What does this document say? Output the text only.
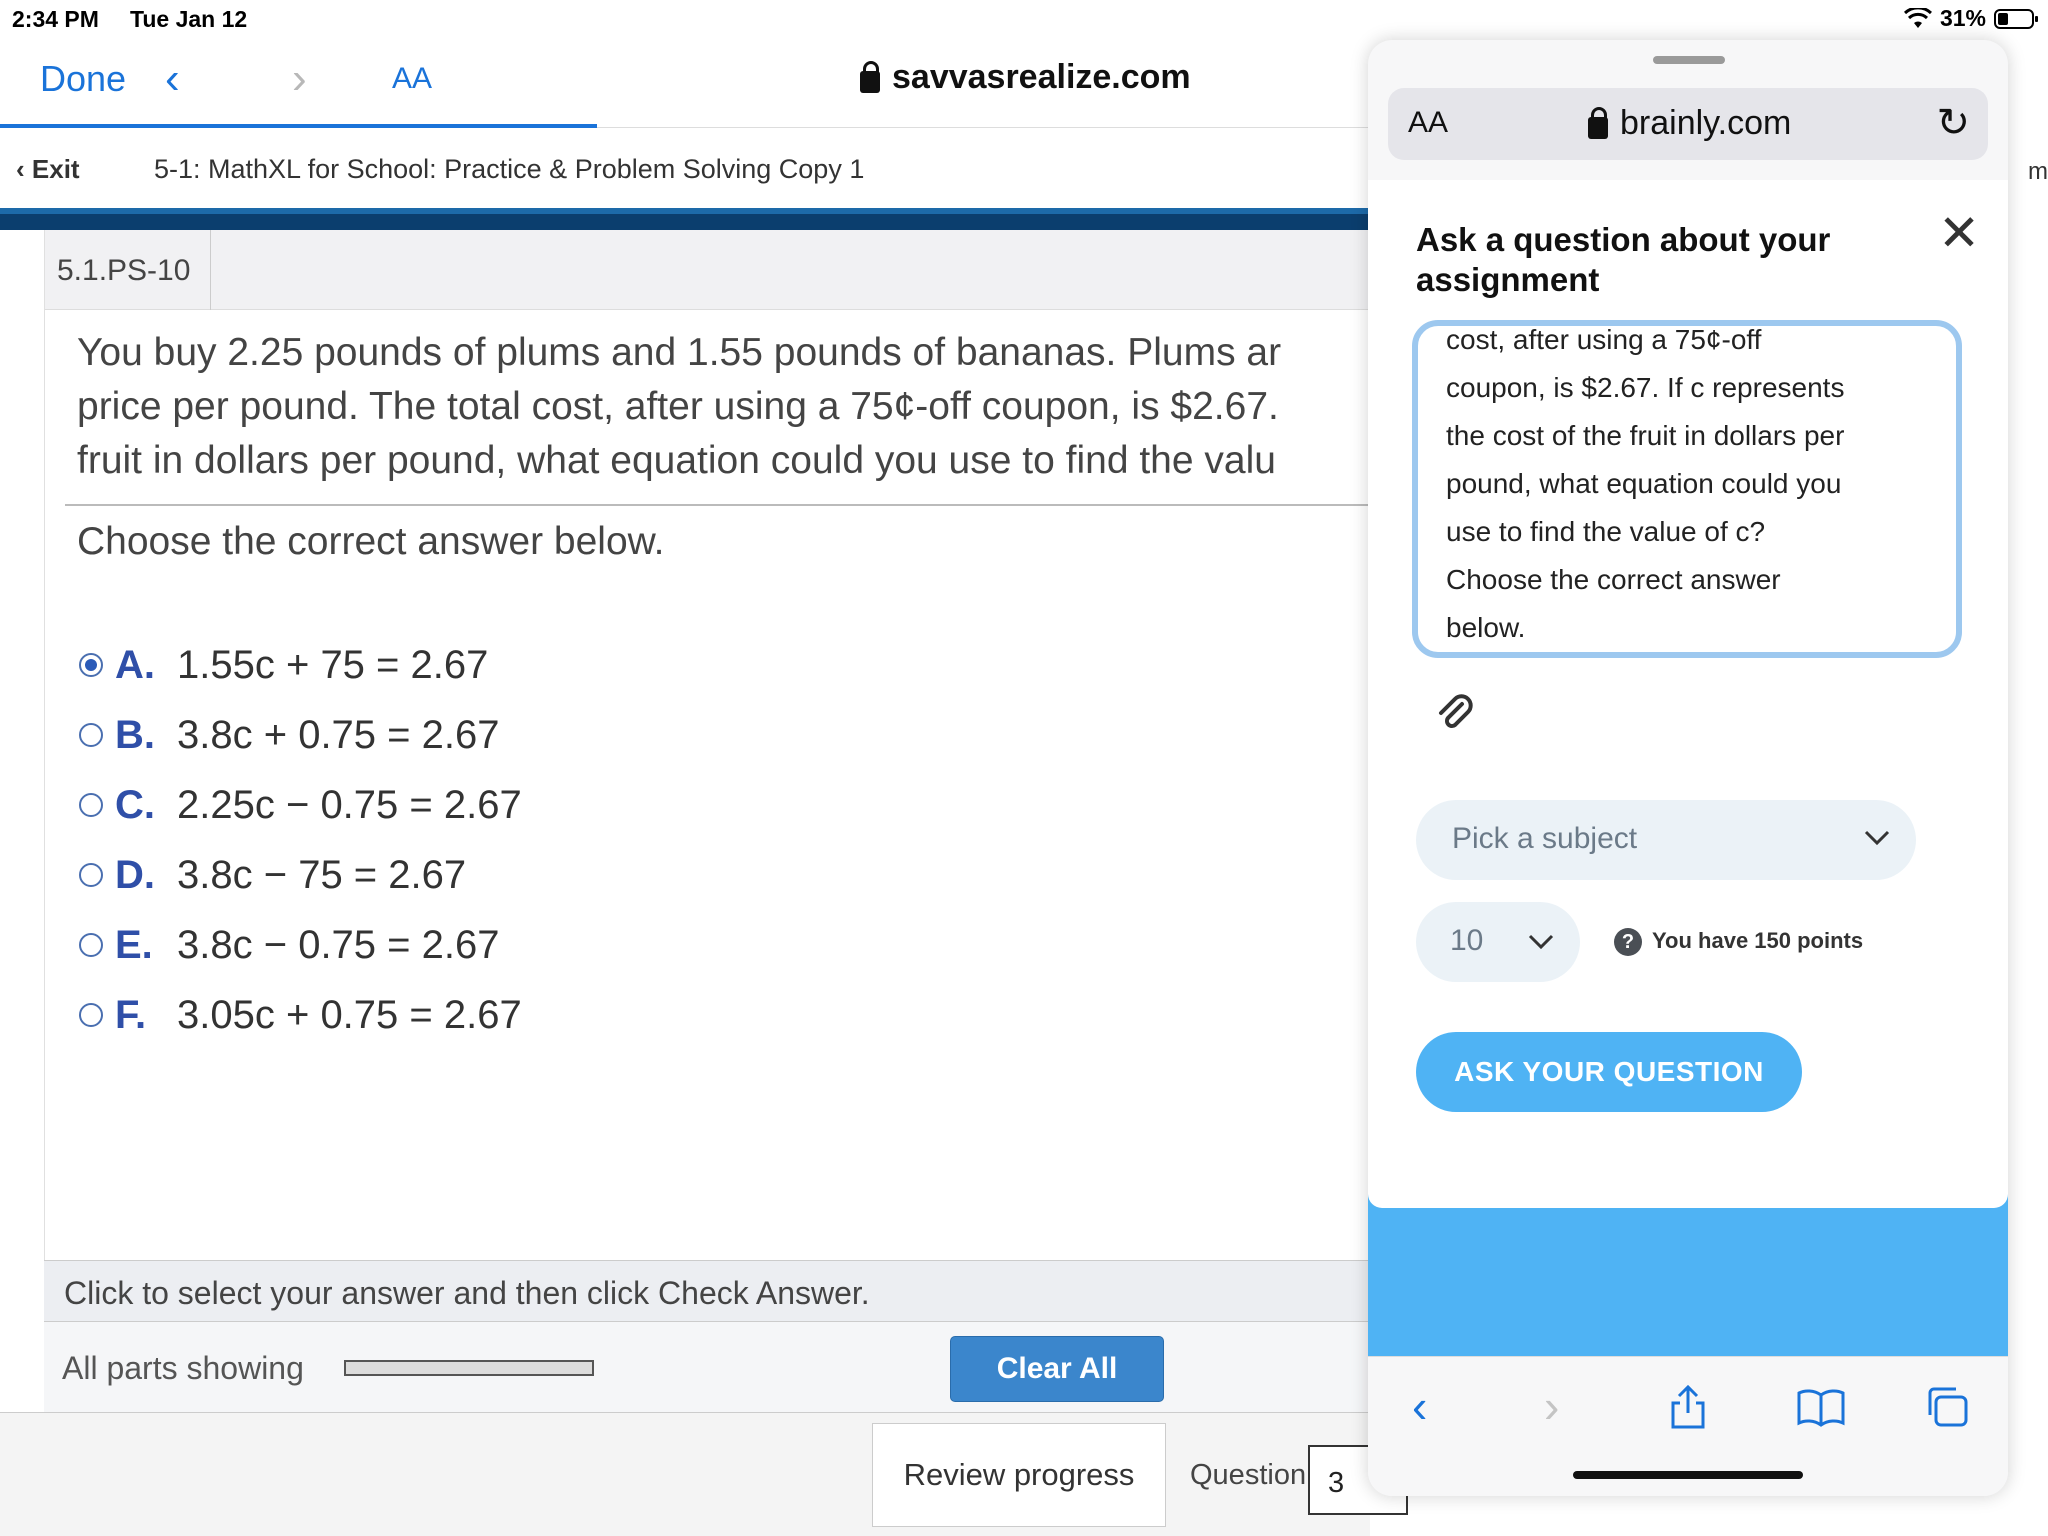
2:34 PM Tue Jan 12	31%
Done ‹	›	AA	savvasrealize.com
‹ Exit	5-1: MathXL for School: Practice & Problem Solving Copy 1
5.1.PS-10
You buy 2.25 pounds of plums and 1.55 pounds of bananas. Plums ar
price per pound. The total cost, after using a 75¢-off coupon, is $2.67.
fruit in dollars per pound, what equation could you use to find the valu
Choose the correct answer below.
A. 1.55c + 75 = 2.67
B. 3.8c + 0.75 = 2.67
C. 2.25c − 0.75 = 2.67
D. 3.8c − 75 = 2.67
E. 3.8c − 0.75 = 2.67
F. 3.05c + 0.75 = 2.67
Click to select your answer and then click Check Answer.
All parts showing	Clear All
Review progress	Question 3
AA	brainly.com	↻
Ask a question about your assignment
✕
cost, after using a 75¢-off
coupon, is $2.67. If c represents
the cost of the fruit in dollars per
pound, what equation could you
use to find the value of c?
Choose the correct answer
below.
Pick a subject
10	? You have 150 points
ASK YOUR QUESTION
‹	›
m
